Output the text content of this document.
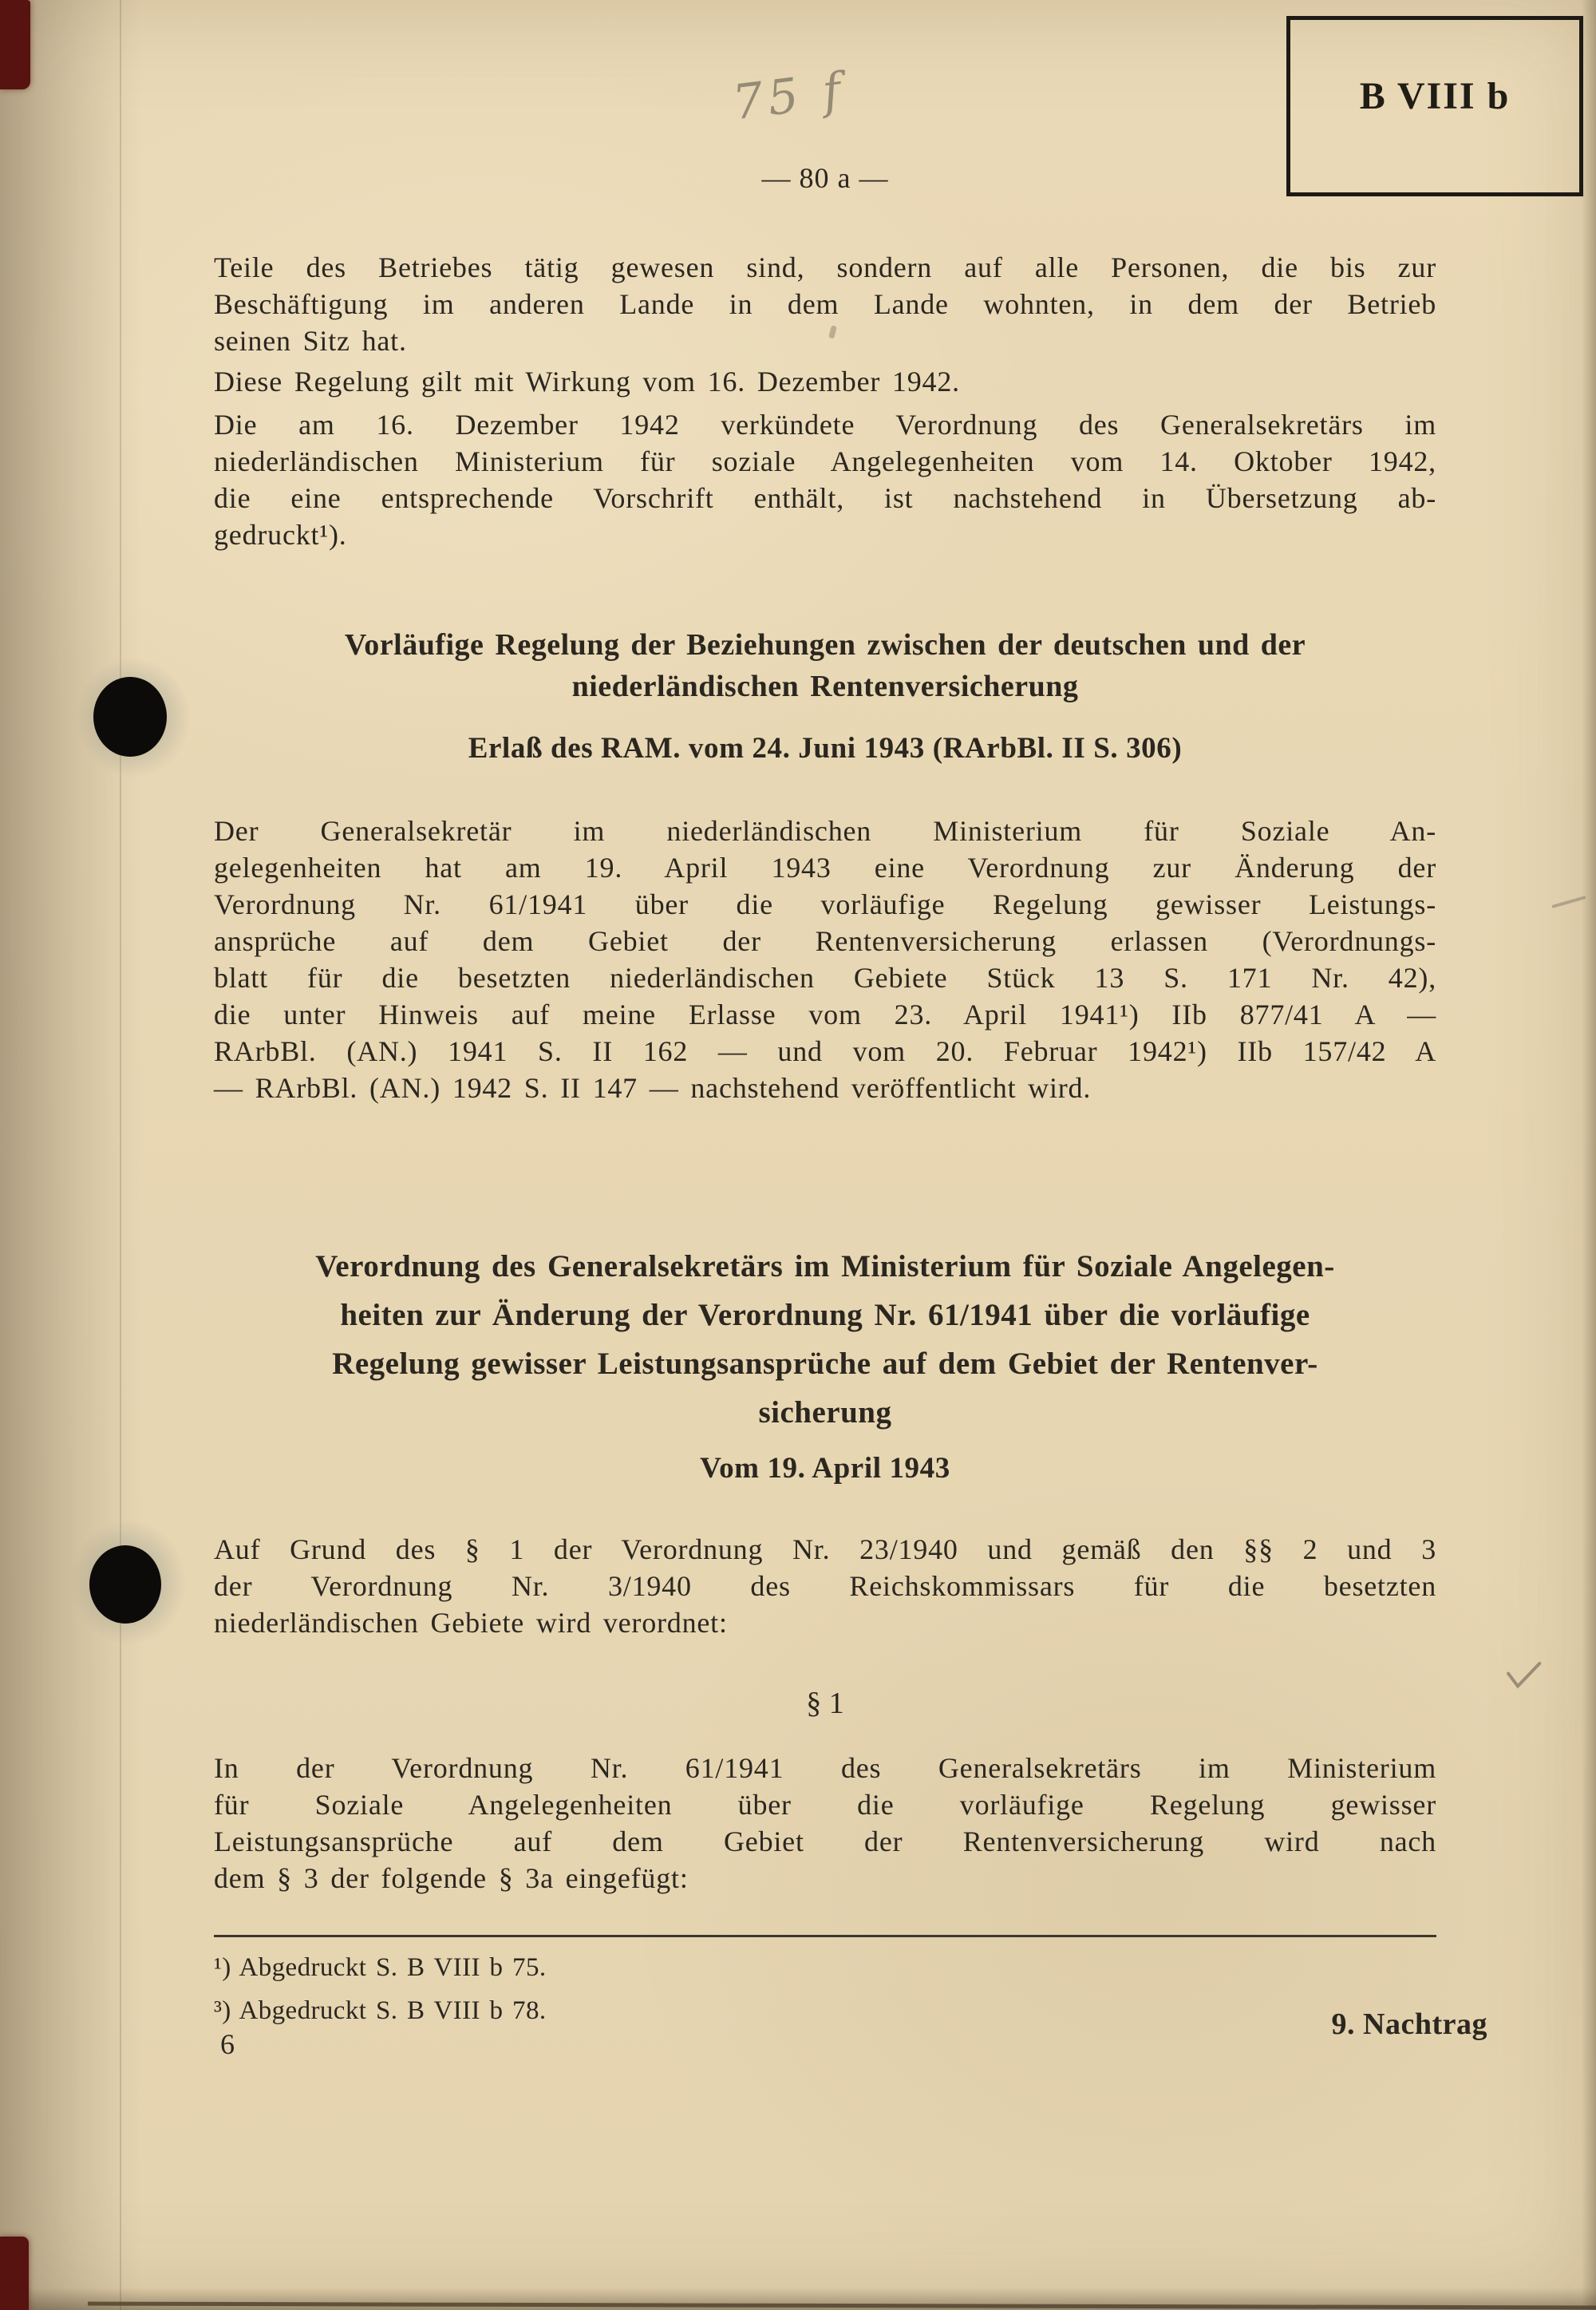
B VIII b
75 f
— 80 a —
Teile des Betriebes tätig gewesen sind, sondern auf alle Personen, die bis zur
Beschäftigung im anderen Lande in dem Lande wohnten, in dem der Betrieb
seinen Sitz hat.
Diese Regelung gilt mit Wirkung vom 16. Dezember 1942.
Die am 16. Dezember 1942 verkündete Verordnung des Generalsekretärs im
niederländischen Ministerium für soziale Angelegenheiten vom 14. Oktober 1942,
die eine entsprechende Vorschrift enthält, ist nachstehend in Übersetzung ab-
gedruckt¹).
Vorläufige Regelung der Beziehungen zwischen der deutschen und der
niederländischen Rentenversicherung
Erlaß des RAM. vom 24. Juni 1943 (RArbBl. II S. 306)
Der Generalsekretär im niederländischen Ministerium für Soziale An-
gelegenheiten hat am 19. April 1943 eine Verordnung zur Änderung der
Verordnung Nr. 61/1941 über die vorläufige Regelung gewisser Leistungs-
ansprüche auf dem Gebiet der Rentenversicherung erlassen (Verordnungs-
blatt für die besetzten niederländischen Gebiete Stück 13 S. 171 Nr. 42),
die unter Hinweis auf meine Erlasse vom 23. April 1941¹) IIb 877/41 A —
RArbBl. (AN.) 1941 S. II 162 — und vom 20. Februar 1942¹) IIb 157/42 A
— RArbBl. (AN.) 1942 S. II 147 — nachstehend veröffentlicht wird.
Verordnung des Generalsekretärs im Ministerium für Soziale Angelegen-
heiten zur Änderung der Verordnung Nr. 61/1941 über die vorläufige
Regelung gewisser Leistungsansprüche auf dem Gebiet der Rentenver-
sicherung
Vom 19. April 1943
Auf Grund des § 1 der Verordnung Nr. 23/1940 und gemäß den §§ 2 und 3
der Verordnung Nr. 3/1940 des Reichskommissars für die besetzten
niederländischen Gebiete wird verordnet:
§ 1
In der Verordnung Nr. 61/1941 des Generalsekretärs im Ministerium
für Soziale Angelegenheiten über die vorläufige Regelung gewisser
Leistungsansprüche auf dem Gebiet der Rentenversicherung wird nach
dem § 3 der folgende § 3a eingefügt:
¹) Abgedruckt S. B VIII b 75.
³) Abgedruckt S. B VIII b 78.
6
9. Nachtrag
